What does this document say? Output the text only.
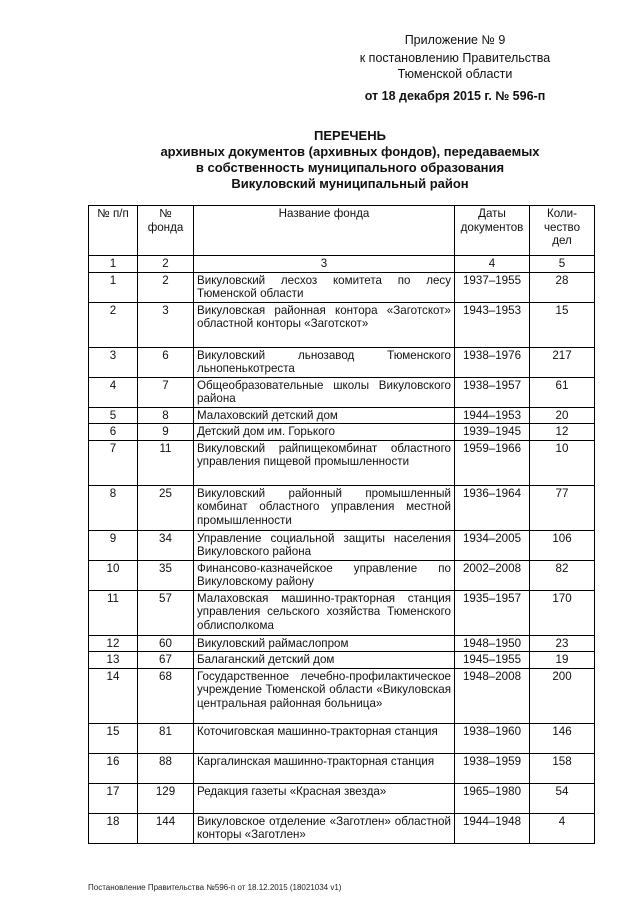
Приложение № 9
к постановлению Правительства
Тюменской области
от 18 декабря 2015 г. № 596-п
ПЕРЕЧЕНЬ
архивных документов (архивных фондов), передаваемых
в собственность муниципального образования
Викуловский муниципальный район
№ п/п	№ фонда	Название фонда	Даты документов	Коли-чество дел
1	2	3	4	5
1	2	Викуловский лесхоз комитета по лесу Тюменской области	1937–1955	28
2	3	Викуловская районная контора «Заготскот» областной конторы «Заготскот»	1943–1953	15
3	6	Викуловский льнозавод Тюменского льнопенькотреста	1938–1976	217
4	7	Общеобразовательные школы Викуловского района	1938–1957	61
5	8	Малаховский детский дом	1944–1953	20
6	9	Детский дом им. Горького	1939–1945	12
7	11	Викуловский райпищекомбинат областного управления пищевой промышленности	1959–1966	10
8	25	Викуловский районный промышленный комбинат областного управления местной промышленности	1936–1964	77
9	34	Управление социальной защиты населения Викуловского района	1934–2005	106
10	35	Финансово-казначейское управление по Викуловскому району	2002–2008	82
11	57	Малаховская машинно-тракторная станция управления сельского хозяйства Тюменского облисполкома	1935–1957	170
12	60	Викуловский раймаслопром	1948–1950	23
13	67	Балаганский детский дом	1945–1955	19
14	68	Государственное лечебно-профилактическое учреждение Тюменской области «Викуловская центральная районная больница»	1948–2008	200
15	81	Коточиговская машинно-тракторная станция	1938–1960	146
16	88	Каргалинская машинно-тракторная станция	1938–1959	158
17	129	Редакция газеты «Красная звезда»	1965–1980	54
18	144	Викуловское отделение «Заготлен» областной конторы «Заготлен»	1944–1948	4
Постановление Правительства №596-п от 18.12.2015 (18021034 v1)
